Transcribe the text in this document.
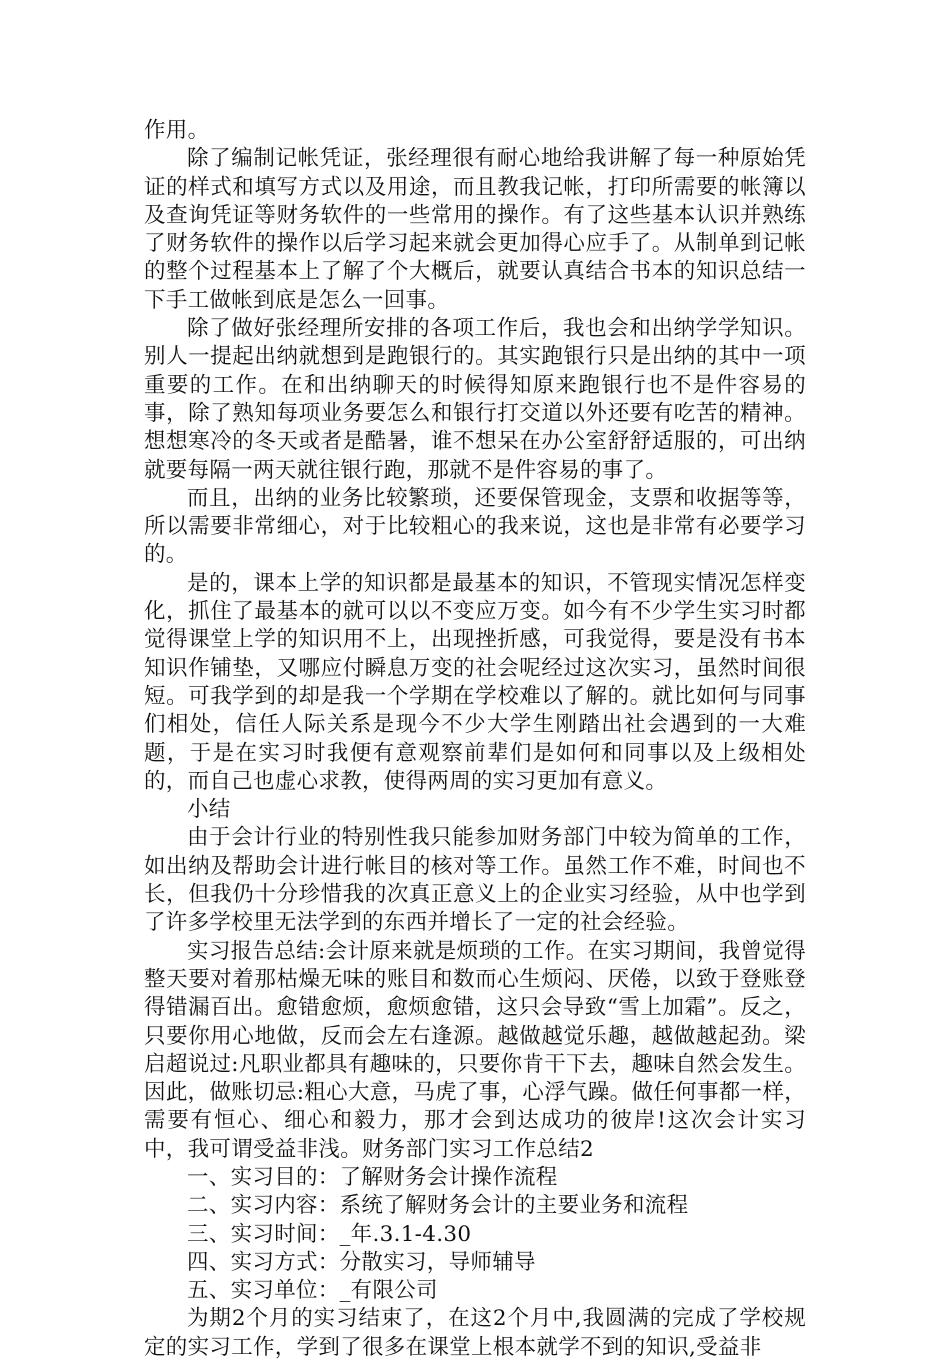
作用。

除了编制记帐凭证，张经理很有耐心地给我讲解了每一种原始凭证的样式和填写方式以及用途，而且教我记帐，打印所需要的帐簿以及查询凭证等财务软件的一些常用的操作。有了这些基本认识并熟练了财务软件的操作以后学习起来就会更加得心应手了。从制单到记帐的整个过程基本上了解了个大概后，就要认真结合书本的知识总结一下手工做帐到底是怎么一回事。

除了做好张经理所安排的各项工作后，我也会和出纳学学知识。别人一提起出纳就想到是跑银行的。其实跑银行只是出纳的其中一项重要的工作。在和出纳聊天的时候得知原来跑银行也不是件容易的事，除了熟知每项业务要怎么和银行打交道以外还要有吃苦的精神。想想寒冷的冬天或者是酷暑，谁不想呆在办公室舒舒适服的，可出纳就要每隔一两天就往银行跑，那就不是件容易的事了。

而且，出纳的业务比较繁琐，还要保管现金，支票和收据等等，所以需要非常细心，对于比较粗心的我来说，这也是非常有必要学习的。

是的，课本上学的知识都是最基本的知识，不管现实情况怎样变化，抓住了最基本的就可以以不变应万变。如今有不少学生实习时都觉得课堂上学的知识用不上，出现挫折感，可我觉得，要是没有书本知识作铺垫，又哪应付瞬息万变的社会呢经过这次实习，虽然时间很短。可我学到的却是我一个学期在学校难以了解的。就比如何与同事们相处，信任人际关系是现今不少大学生刚踏出社会遇到的一大难题，于是在实习时我便有意观察前辈们是如何和同事以及上级相处的，而自己也虚心求教，使得两周的实习更加有意义。

小结

由于会计行业的特别性我只能参加财务部门中较为简单的工作，如出纳及帮助会计进行帐目的核对等工作。虽然工作不难，时间也不长，但我仍十分珍惜我的次真正意义上的企业实习经验，从中也学到了许多学校里无法学到的东西并增长了一定的社会经验。

实习报告总结:会计原来就是烦琐的工作。在实习期间，我曾觉得整天要对着那枯燥无味的账目和数而心生烦闷、厌倦，以致于登账登得错漏百出。愈错愈烦，愈烦愈错，这只会导致“雪上加霜”。反之，只要你用心地做，反而会左右逢源。越做越觉乐趣，越做越起劲。梁启超说过:凡职业都具有趣味的，只要你肯干下去，趣味自然会发生。因此，做账切忌:粗心大意，马虎了事，心浮气躁。做任何事都一样，需要有恒心、细心和毅力，那才会到达成功的彼岸!这次会计实习中，我可谓受益非浅。财务部门实习工作总结2

一、实习目的：了解财务会计操作流程

二、实习内容：系统了解财务会计的主要业务和流程

三、实习时间：_年.3.1-4.30

四、实习方式：分散实习，导师辅导

五、实习单位：_有限公司

为期2个月的实习结束了，在这2个月中,我圆满的完成了学校规定的实习工作，学到了很多在课堂上根本就学不到的知识,受益非
